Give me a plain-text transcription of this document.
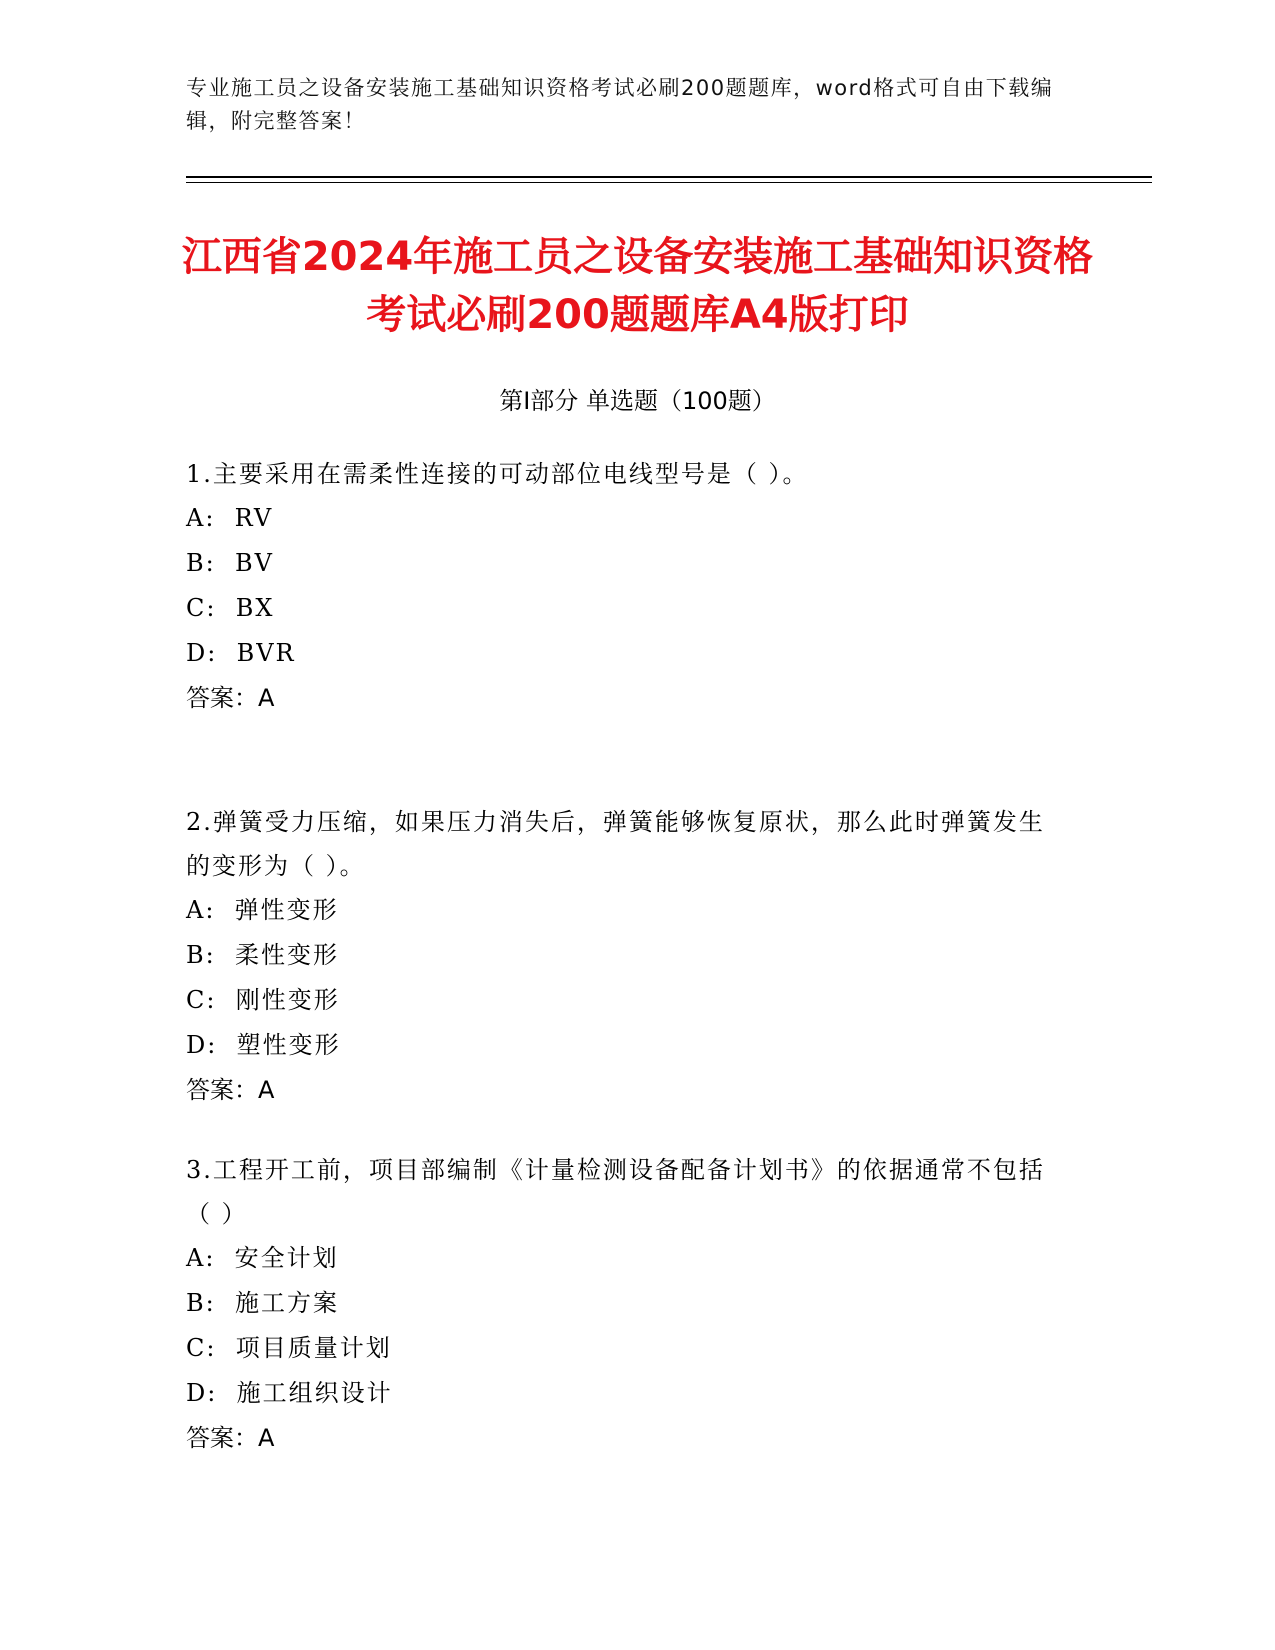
专业施工员之设备安装施工基础知识资格考试必刷200题题库，word格式可自由下载编辑，附完整答案！
江西省2024年施工员之设备安装施工基础知识资格考试必刷200题题库A4版打印
第Ⅰ部分 单选题（100题）

1.主要采用在需柔性连接的可动部位电线型号是（ ）。

A:  RV

B:  BV

C:  BX

D:  BVR

答案：A

2.弹簧受力压缩，如果压力消失后，弹簧能够恢复原状，那么此时弹簧发生的变形为（ ）。

A:  弹性变形

B:  柔性变形

C:  刚性变形

D:  塑性变形

答案：A

3.工程开工前，项目部编制《计量检测设备配备计划书》的依据通常不包括（ ）

A:  安全计划

B:  施工方案

C:  项目质量计划

D:  施工组织设计

答案：A
